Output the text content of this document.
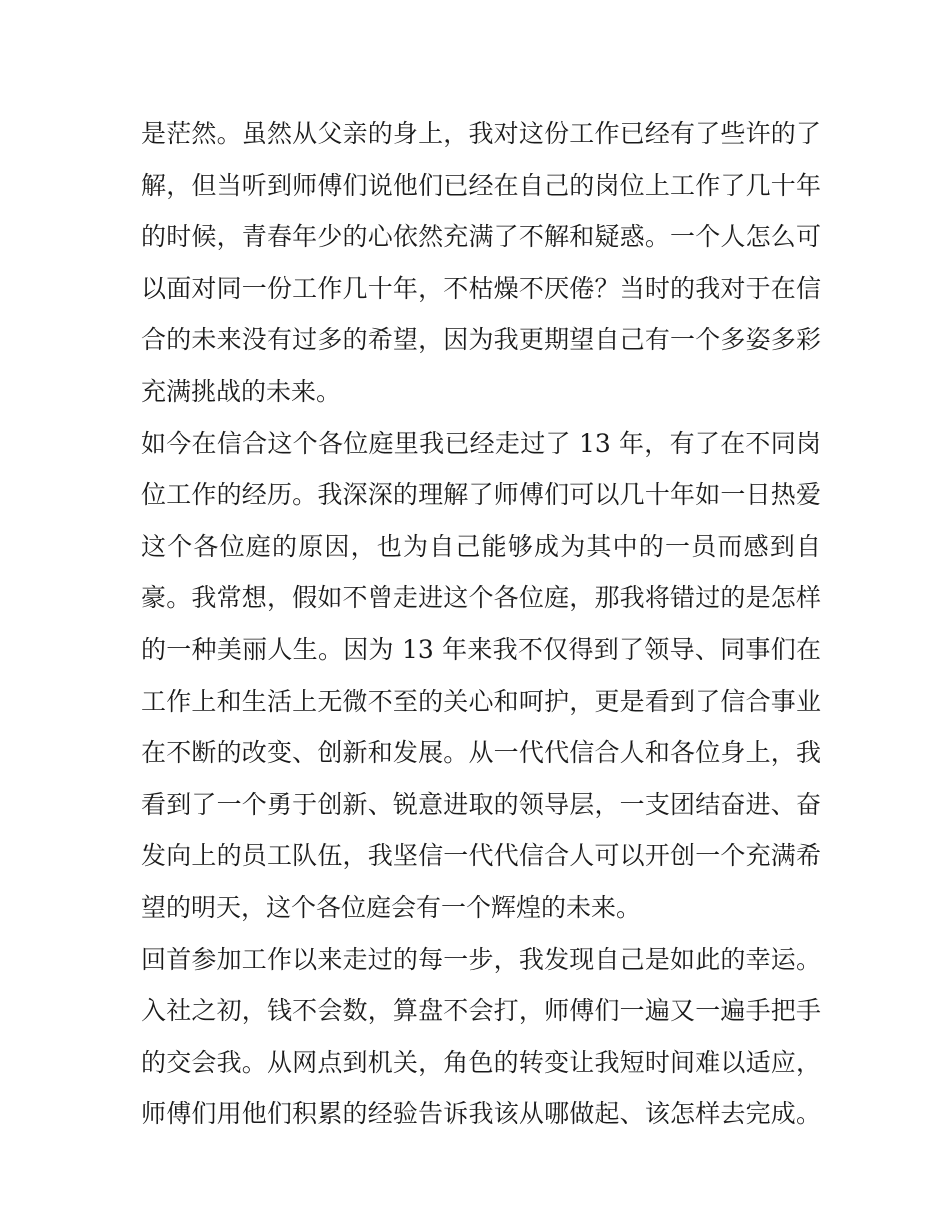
是茫然。虽然从父亲的身上，我对这份工作已经有了些许的了
解，但当听到师傅们说他们已经在自己的岗位上工作了几十年
的时候，青春年少的心依然充满了不解和疑惑。一个人怎么可
以面对同一份工作几十年，不枯燥不厌倦？当时的我对于在信
合的未来没有过多的希望，因为我更期望自己有一个多姿多彩
充满挑战的未来。
如今在信合这个各位庭里我已经走过了 13 年，有了在不同岗
位工作的经历。我深深的理解了师傅们可以几十年如一日热爱
这个各位庭的原因，也为自己能够成为其中的一员而感到自
豪。我常想，假如不曾走进这个各位庭，那我将错过的是怎样
的一种美丽人生。因为 13 年来我不仅得到了领导、同事们在
工作上和生活上无微不至的关心和呵护，更是看到了信合事业
在不断的改变、创新和发展。从一代代信合人和各位身上，我
看到了一个勇于创新、锐意进取的领导层，一支团结奋进、奋
发向上的员工队伍，我坚信一代代信合人可以开创一个充满希
望的明天，这个各位庭会有一个辉煌的未来。
回首参加工作以来走过的每一步，我发现自己是如此的幸运。
入社之初，钱不会数，算盘不会打，师傅们一遍又一遍手把手
的交会我。从网点到机关，角色的转变让我短时间难以适应，
师傅们用他们积累的经验告诉我该从哪做起、该怎样去完成。
